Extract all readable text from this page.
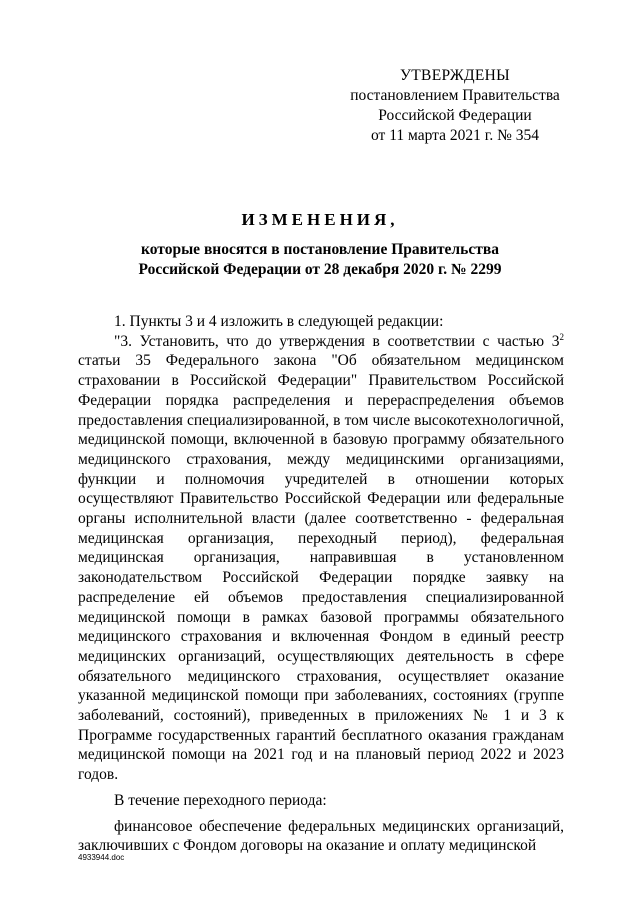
УТВЕРЖДЕНЫ
постановлением Правительства
Российской Федерации
от 11 марта 2021 г. № 354
ИЗМЕНЕНИЯ,
которые вносятся в постановление Правительства
Российской Федерации от 28 декабря 2020 г. № 2299

1. Пункты 3 и 4 изложить в следующей редакции:

"3. Установить, что до утверждения в соответствии с частью $3^2$ статьи 35 Федерального закона "Об обязательном медицинском страховании в Российской Федерации" Правительством Российской Федерации порядка распределения и перераспределения объемов предоставления специализированной, в том числе высокотехнологичной, медицинской помощи, включенной в базовую программу обязательного медицинского страхования, между медицинскими организациями, функции и полномочия учредителей в отношении которых осуществляют Правительство Российской Федерации или федеральные органы исполнительной власти (далее соответственно - федеральная медицинская организация, переходный период), федеральная медицинская организация, направившая в установленном законодательством Российской Федерации порядке заявку на распределение ей объемов предоставления специализированной медицинской помощи в рамках базовой программы обязательного медицинского страхования и включенная Фондом в единый реестр медицинских организаций, осуществляющих деятельность в сфере обязательного медицинского страхования, осуществляет оказание указанной медицинской помощи при заболеваниях, состояниях (группе заболеваний, состояний), приведенных в приложениях № 1 и 3 к Программе государственных гарантий бесплатного оказания гражданам медицинской помощи на 2021 год и на плановый период 2022 и 2023 годов.

В течение переходного периода:

финансовое обеспечение федеральных медицинских организаций, заключивших с Фондом договоры на оказание и оплату медицинской

4933944.doc
